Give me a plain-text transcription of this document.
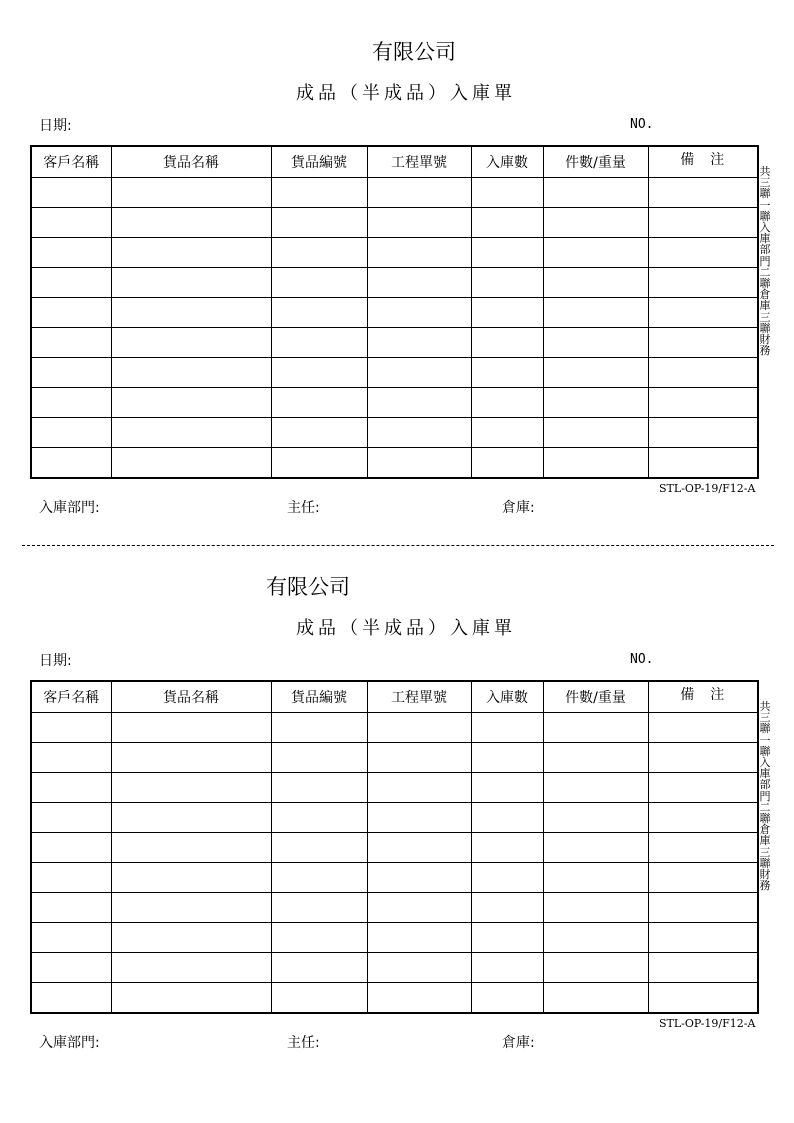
有限公司
成品（半成品）入庫單
日期:	NO.
客戶名稱	貨品名稱	貨品編號	工程單號	入庫數	件數/重量	備　注

共三聯一聯入庫部門二聯倉庫三聯財務
STL-OP-19/F12-A
入庫部門:	主任:	倉庫:
有限公司
成品（半成品）入庫單
日期:	NO.
客戶名稱	貨品名稱	貨品編號	工程單號	入庫數	件數/重量	備　注

共三聯一聯入庫部門二聯倉庫三聯財務
STL-OP-19/F12-A
入庫部門:	主任:	倉庫:
